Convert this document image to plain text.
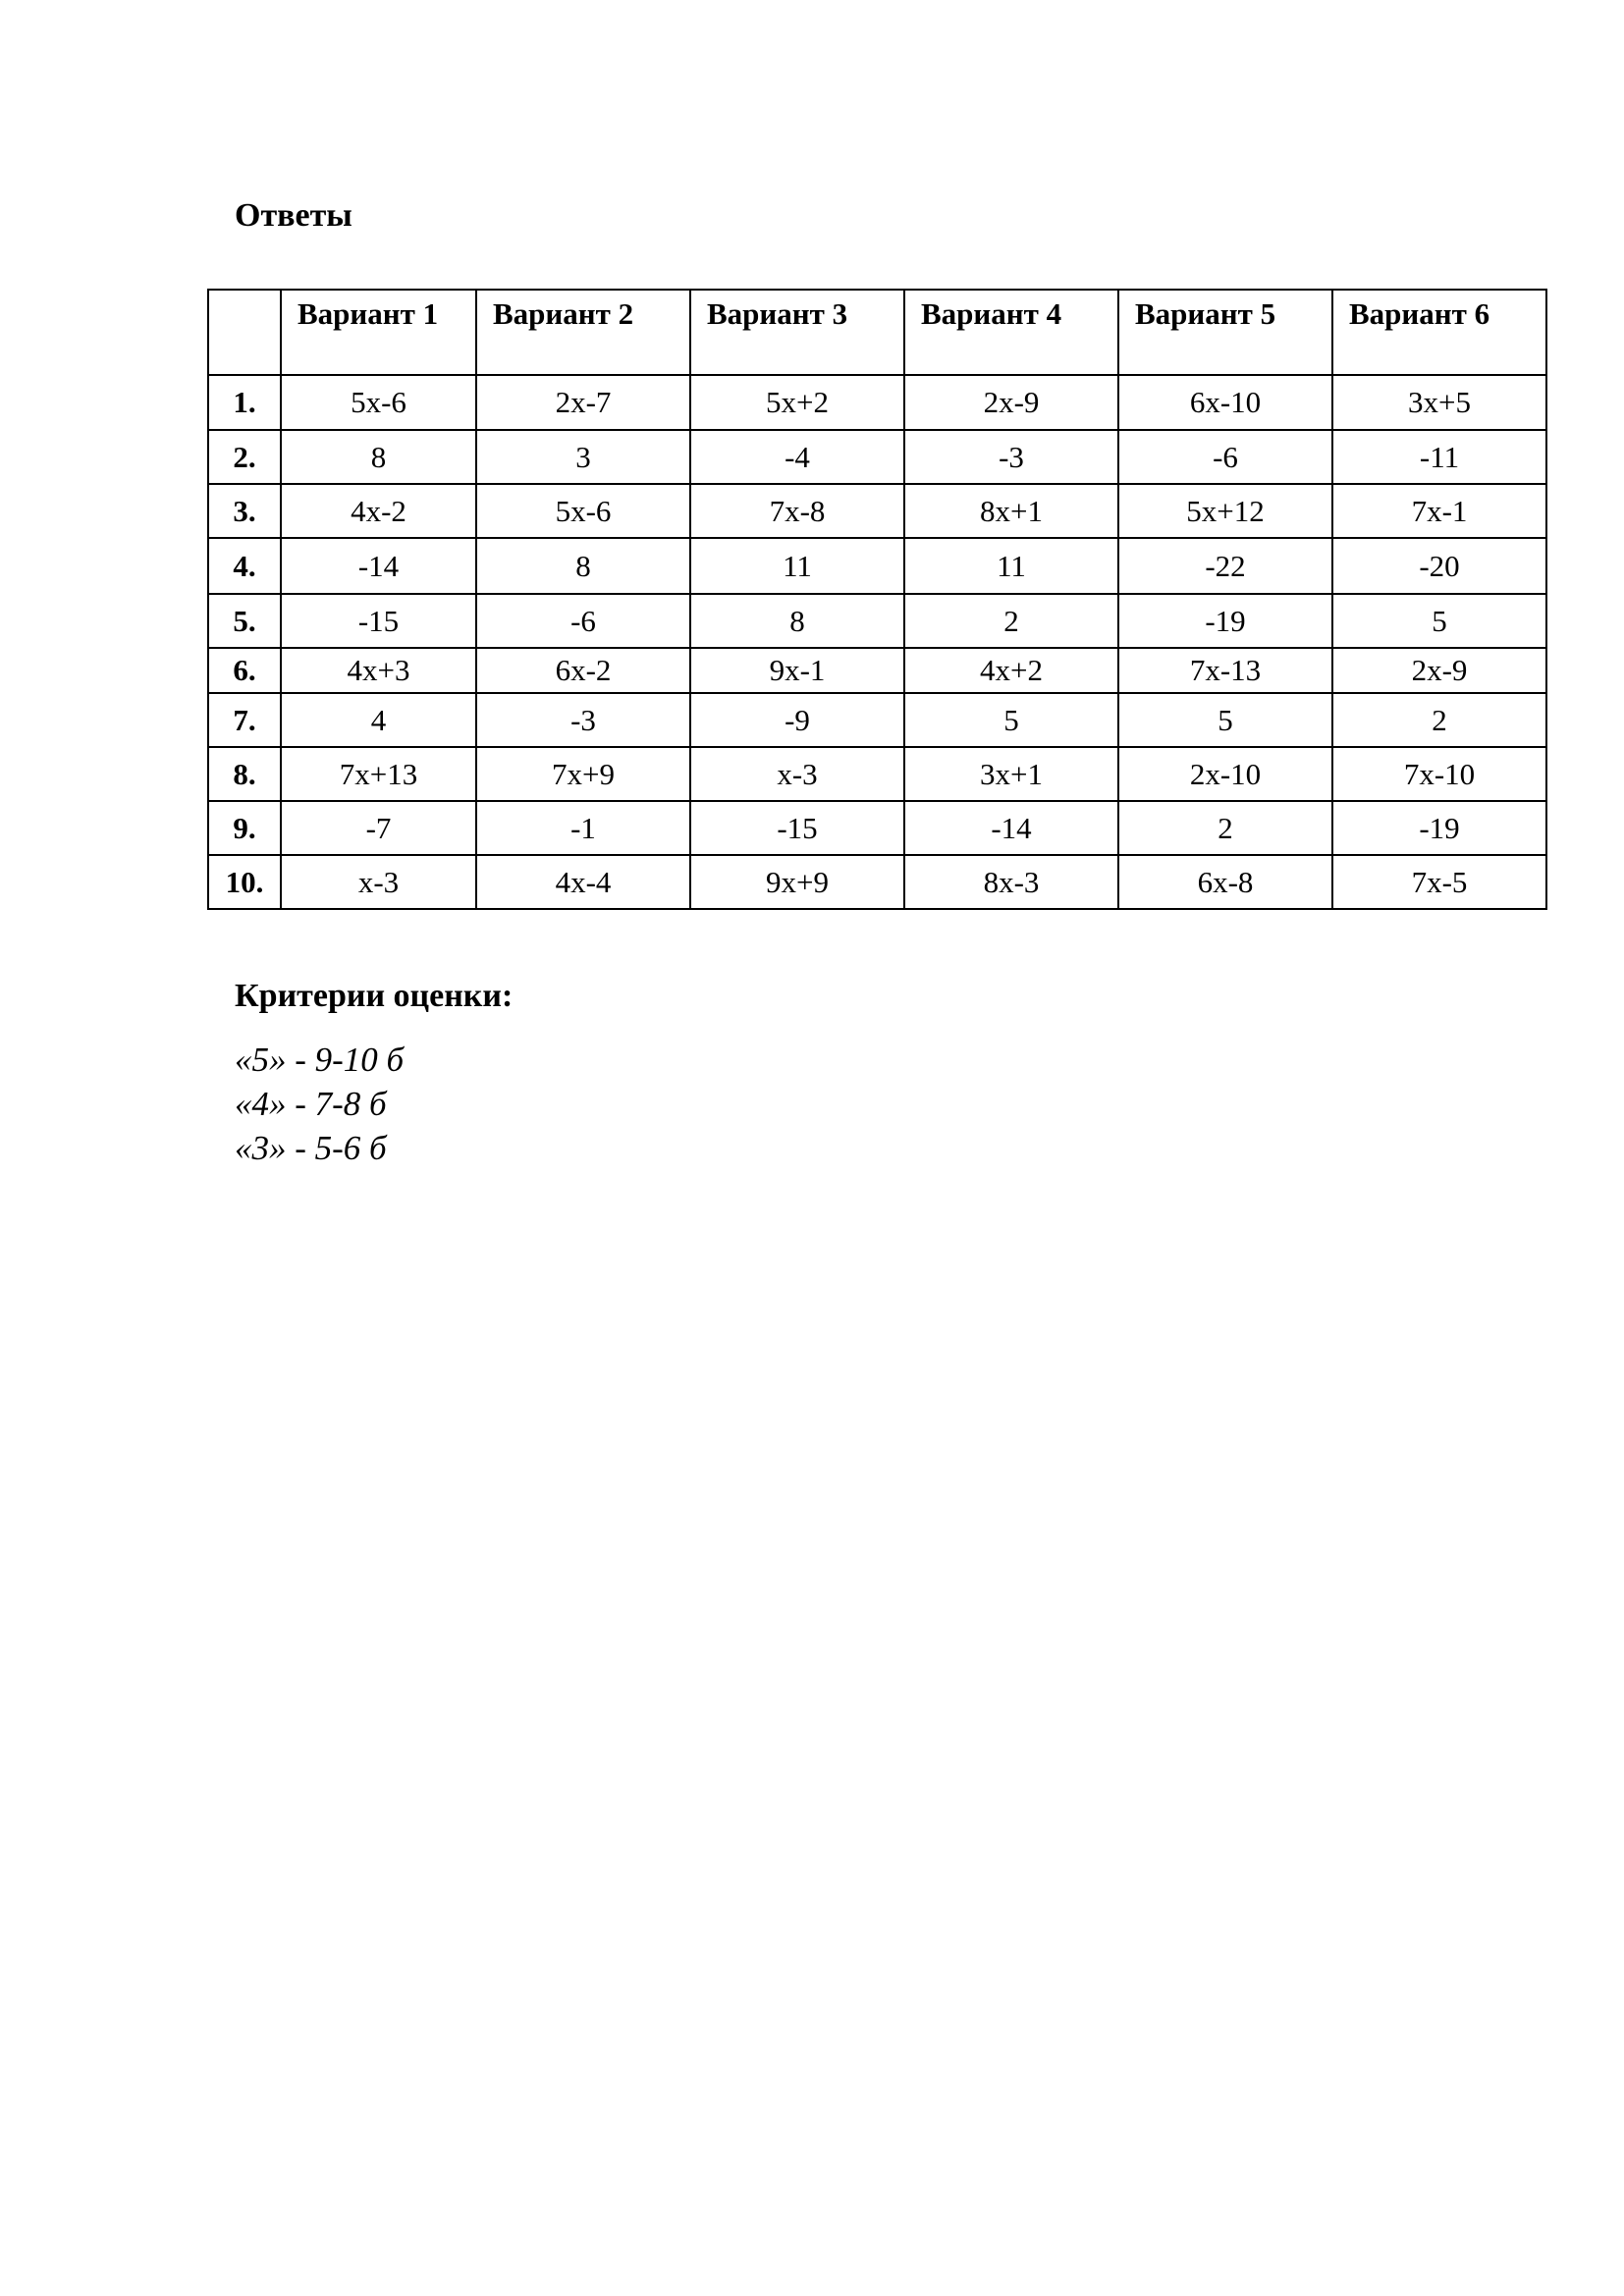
Ответы
	Вариант 1	Вариант 2	Вариант 3	Вариант 4	Вариант 5	Вариант 6
1.	5x-6	2x-7	5x+2	2x-9	6x-10	3x+5
2.	8	3	-4	-3	-6	-11
3.	4x-2	5x-6	7x-8	8x+1	5x+12	7x-1
4.	-14	8	11	11	-22	-20
5.	-15	-6	8	2	-19	5
6.	4x+3	6x-2	9x-1	4x+2	7x-13	2x-9
7.	4	-3	-9	5	5	2
8.	7x+13	7x+9	x-3	3x+1	2x-10	7x-10
9.	-7	-1	-15	-14	2	-19
10.	x-3	4x-4	9x+9	8x-3	6x-8	7x-5
Критерии оценки:
«5» - 9-10 б
«4» - 7-8 б
«3» - 5-6 б
